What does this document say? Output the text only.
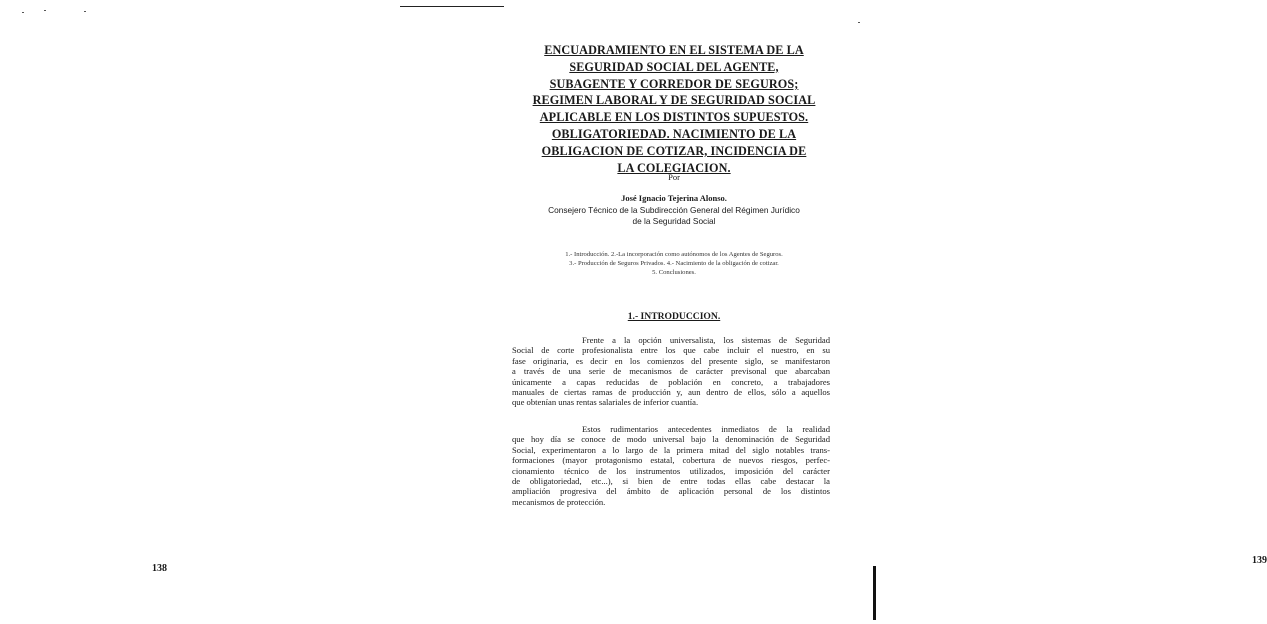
138
139
ENCUADRAMIENTO EN EL SISTEMA DE LA
SEGURIDAD SOCIAL DEL AGENTE,
SUBAGENTE Y CORREDOR DE SEGUROS;
REGIMEN LABORAL Y DE SEGURIDAD SOCIAL
APLICABLE EN LOS DISTINTOS SUPUESTOS.
OBLIGATORIEDAD. NACIMIENTO DE LA
OBLIGACION DE COTIZAR, INCIDENCIA DE
LA COLEGIACION.
Por
José Ignacio Tejerina Alonso.
Consejero Técnico de la Subdirección General del Régimen Jurídico
de la Seguridad Social
1.- Introducción. 2.-La incorporación como autónomos de los Agentes de Seguros.
3.- Producción de Seguros Privados. 4.- Nacimiento de la obligación de cotizar.
5. Conclusiones.
1.- INTRODUCCION.
Frente a la opción universalista, los sistemas de Seguridad
Social de corte profesionalista entre los que cabe incluir el nuestro, en su
fase originaria, es decir en los comienzos del presente siglo, se manifestaron
a través de una serie de mecanismos de carácter previsonal que abarcaban
únicamente a capas reducidas de población en concreto, a trabajadores
manuales de ciertas ramas de producción y, aun dentro de ellos, sólo a aquellos
que obtenían unas rentas salariales de inferior cuantía.
Estos rudimentarios antecedentes inmediatos de la realidad
que hoy día se conoce de modo universal bajo la denominación de Seguridad
Social, experimentaron a lo largo de la primera mitad del siglo notables trans-
formaciones (mayor protagonismo estatal, cobertura de nuevos riesgos, perfec-
cionamiento técnico de los instrumentos utilizados, imposición del carácter
de obligatoriedad, etc...), si bien de entre todas ellas cabe destacar la
ampliación progresiva del ámbito de aplicación personal de los distintos
mecanismos de protección.
